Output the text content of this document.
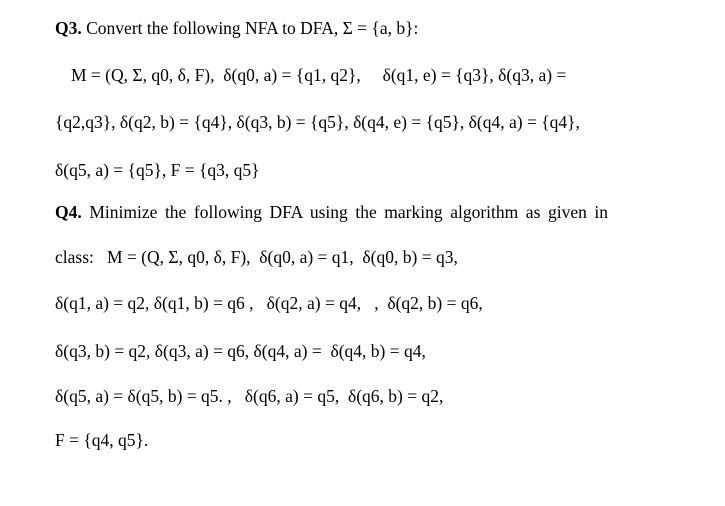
Q3. Convert the following NFA to DFA, Σ = {a, b}:
M = (Q, Σ, q0, δ, F),  δ(q0, a) = {q1, q2},     δ(q1, e) = {q3}, δ(q3, a) =
{q2,q3}, δ(q2, b) = {q4}, δ(q3, b) = {q5}, δ(q4, e) = {q5}, δ(q4, a) = {q4},
δ(q5, a) = {q5}, F = {q3, q5}
Q4. Minimize the following DFA using the marking algorithm as given in
class:   M = (Q, Σ, q0, δ, F),  δ(q0, a) = q1,  δ(q0, b) = q3,
δ(q1, a) = q2, δ(q1, b) = q6 ,   δ(q2, a) = q4,   ,  δ(q2, b) = q6,
δ(q3, b) = q2, δ(q3, a) = q6, δ(q4, a) =  δ(q4, b) = q4,
δ(q5, a) = δ(q5, b) = q5. ,   δ(q6, a) = q5,  δ(q6, b) = q2,
F = {q4, q5}.
